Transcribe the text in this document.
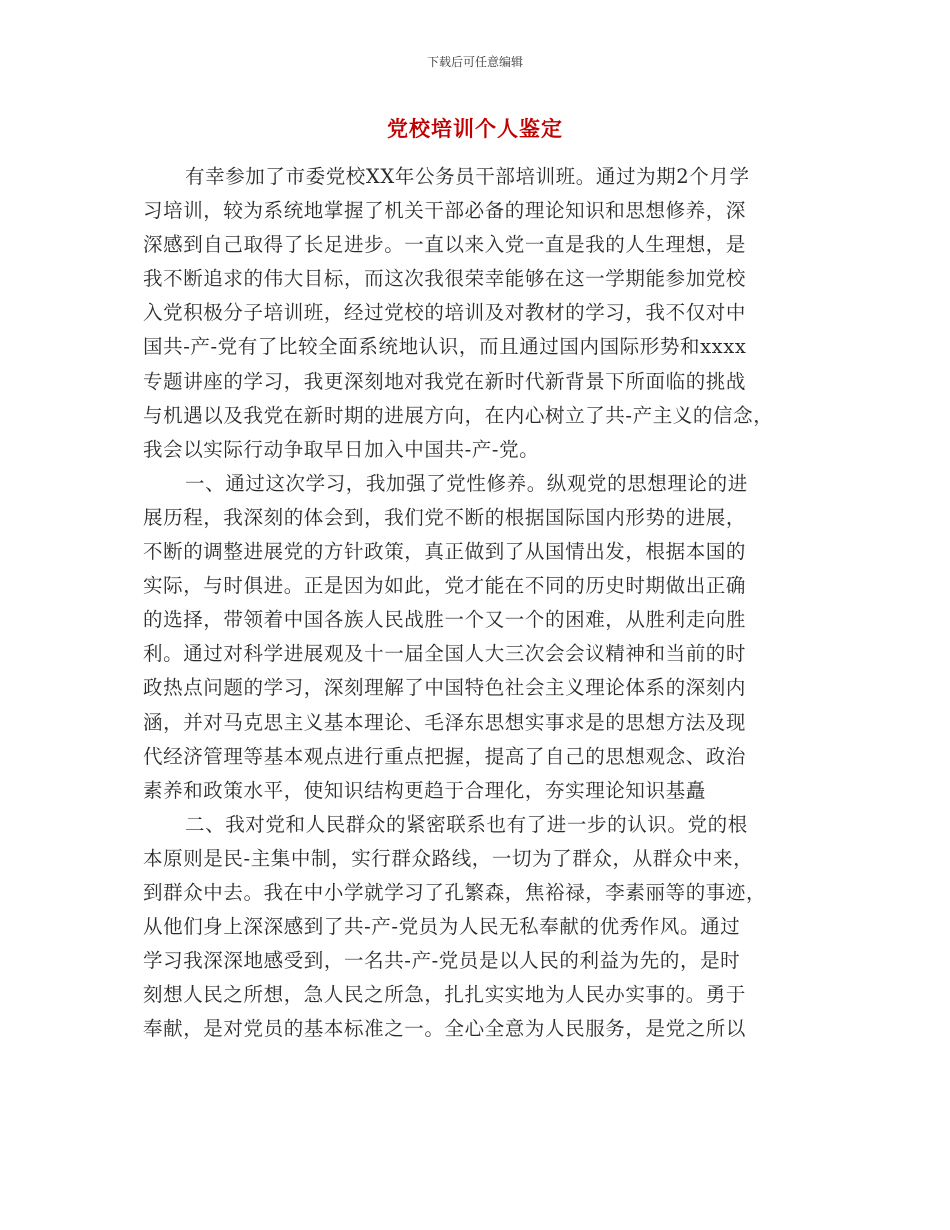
下载后可任意编辑
党校培训个人鉴定
有幸参加了市委党校XX年公务员干部培训班。通过为期2个月学
习培训，较为系统地掌握了机关干部必备的理论知识和思想修养，深
深感到自己取得了长足进步。一直以来入党一直是我的人生理想，是
我不断追求的伟大目标，而这次我很荣幸能够在这一学期能参加党校
入党积极分子培训班，经过党校的培训及对教材的学习，我不仅对中
国共-产-党有了比较全面系统地认识，而且通过国内国际形势和xxxx
专题讲座的学习，我更深刻地对我党在新时代新背景下所面临的挑战
与机遇以及我党在新时期的进展方向，在内心树立了共-产主义的信念，
我会以实际行动争取早日加入中国共-产-党。
一、通过这次学习，我加强了党性修养。纵观党的思想理论的进
展历程，我深刻的体会到，我们党不断的根据国际国内形势的进展，
不断的调整进展党的方针政策，真正做到了从国情出发，根据本国的
实际，与时俱进。正是因为如此，党才能在不同的历史时期做出正确
的选择，带领着中国各族人民战胜一个又一个的困难，从胜利走向胜
利。通过对科学进展观及十一届全国人大三次会会议精神和当前的时
政热点问题的学习，深刻理解了中国特色社会主义理论体系的深刻内
涵，并对马克思主义基本理论、毛泽东思想实事求是的思想方法及现
代经济管理等基本观点进行重点把握，提高了自己的思想观念、政治
素养和政策水平，使知识结构更趋于合理化，夯实理论知识基矗
二、我对党和人民群众的紧密联系也有了进一步的认识。党的根
本原则是民-主集中制，实行群众路线，一切为了群众，从群众中来，
到群众中去。我在中小学就学习了孔繁森，焦裕禄，李素丽等的事迹，
从他们身上深深感到了共-产-党员为人民无私奉献的优秀作风。通过
学习我深深地感受到，一名共-产-党员是以人民的利益为先的，是时
刻想人民之所想，急人民之所急，扎扎实实地为人民办实事的。勇于
奉献，是对党员的基本标准之一。全心全意为人民服务，是党之所以
